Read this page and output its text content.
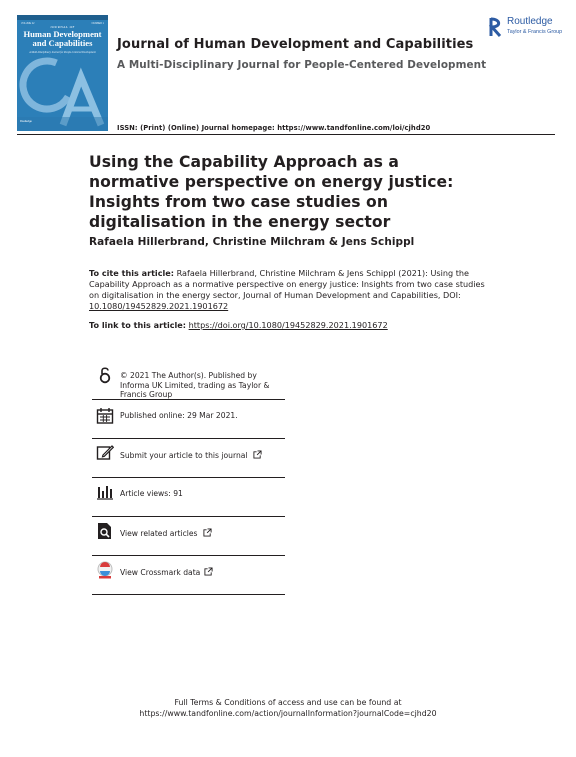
VOLUME 22	NUMBER 1
JOURNAL OF
Human Development and Capabilities
A Multi-Disciplinary Journal for People-Centered Development
Routledge
Journal of Human Development and Capabilities
A Multi-Disciplinary Journal for People-Centered Development
Routledge
Taylor & Francis Group
ISSN: (Print) (Online) Journal homepage: https://www.tandfonline.com/loi/cjhd20
Using the Capability Approach as a normative perspective on energy justice: Insights from two case studies on digitalisation in the energy sector
Rafaela Hillerbrand, Christine Milchram & Jens Schippl
To cite this article: Rafaela Hillerbrand, Christine Milchram & Jens Schippl (2021): Using the Capability Approach as a normative perspective on energy justice: Insights from two case studies on digitalisation in the energy sector, Journal of Human Development and Capabilities, DOI: 10.1080/19452829.2021.1901672
To link to this article: https://doi.org/10.1080/19452829.2021.1901672
© 2021 The Author(s). Published by Informa UK Limited, trading as Taylor & Francis Group
Published online: 29 Mar 2021.
Submit your article to this journal
Article views: 91
View related articles
View Crossmark data
Full Terms & Conditions of access and use can be found at
https://www.tandfonline.com/action/journalInformation?journalCode=cjhd20
